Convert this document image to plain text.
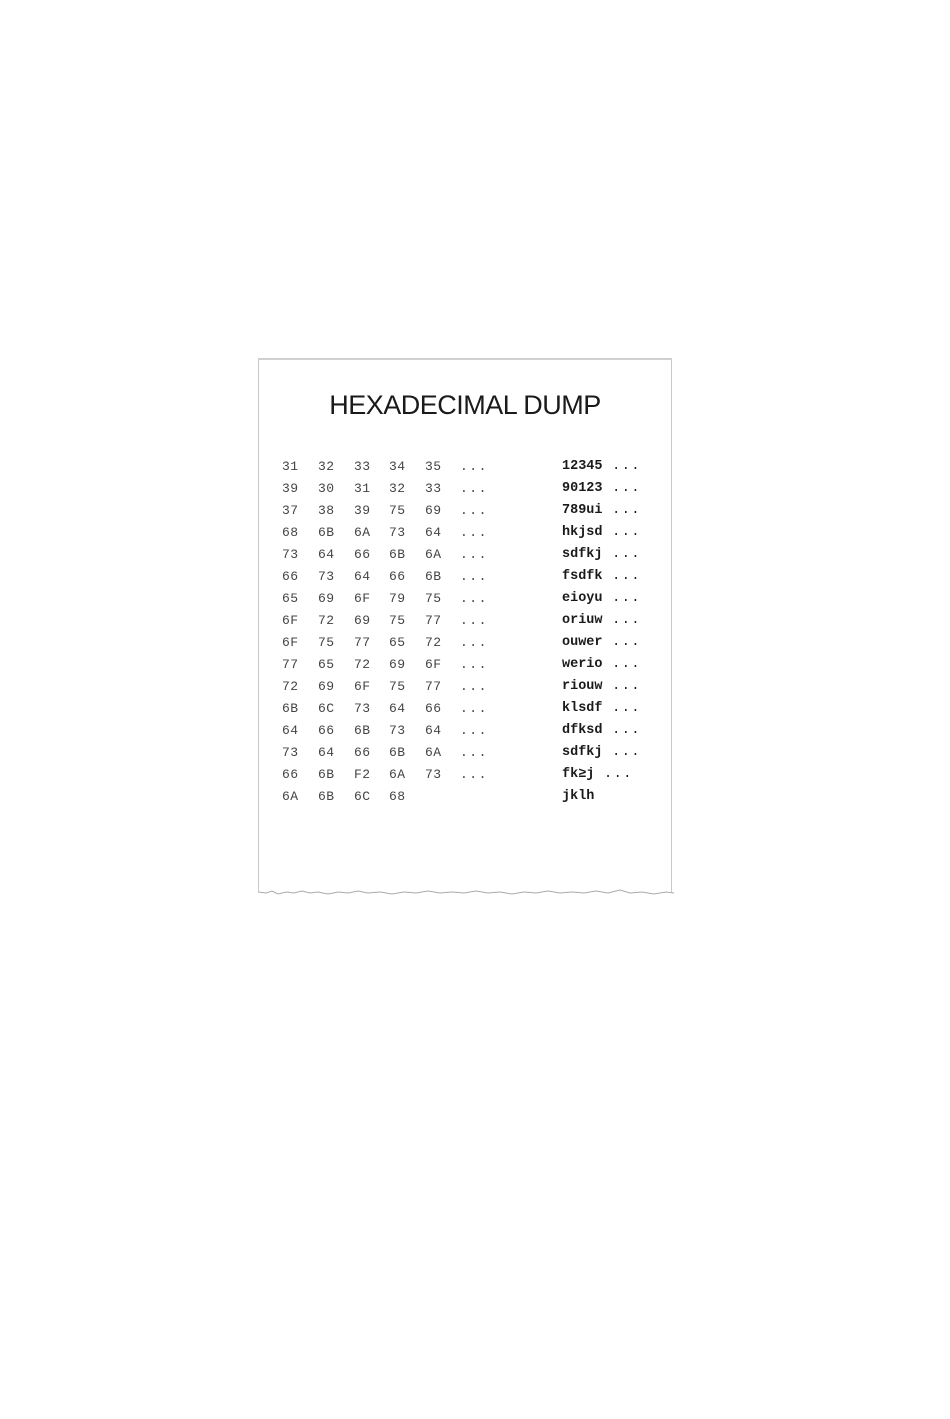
HEXADECIMAL DUMP
31 32 33 34 35 ...	12345 ...
39 30 31 32 33 ...	90123 ...
37 38 39 75 69 ...	789ui ...
68 6B 6A 73 64 ...	hkjsd ...
73 64 66 6B 6A ...	sdfkj ...
66 73 64 66 6B ...	fsdfk ...
65 69 6F 79 75 ...	eioyu ...
6F 72 69 75 77 ...	oriuw ...
6F 75 77 65 72 ...	ouwer ...
77 65 72 69 6F ...	werio ...
72 69 6F 75 77 ...	riouw ...
6B 6C 73 64 66 ...	klsdf ...
64 66 6B 73 64 ...	dfksd ...
73 64 66 6B 6A ...	sdfkj ...
66 6B F2 6A 73 ...	fk≥j ...
6A 6B 6C 68	jklh
